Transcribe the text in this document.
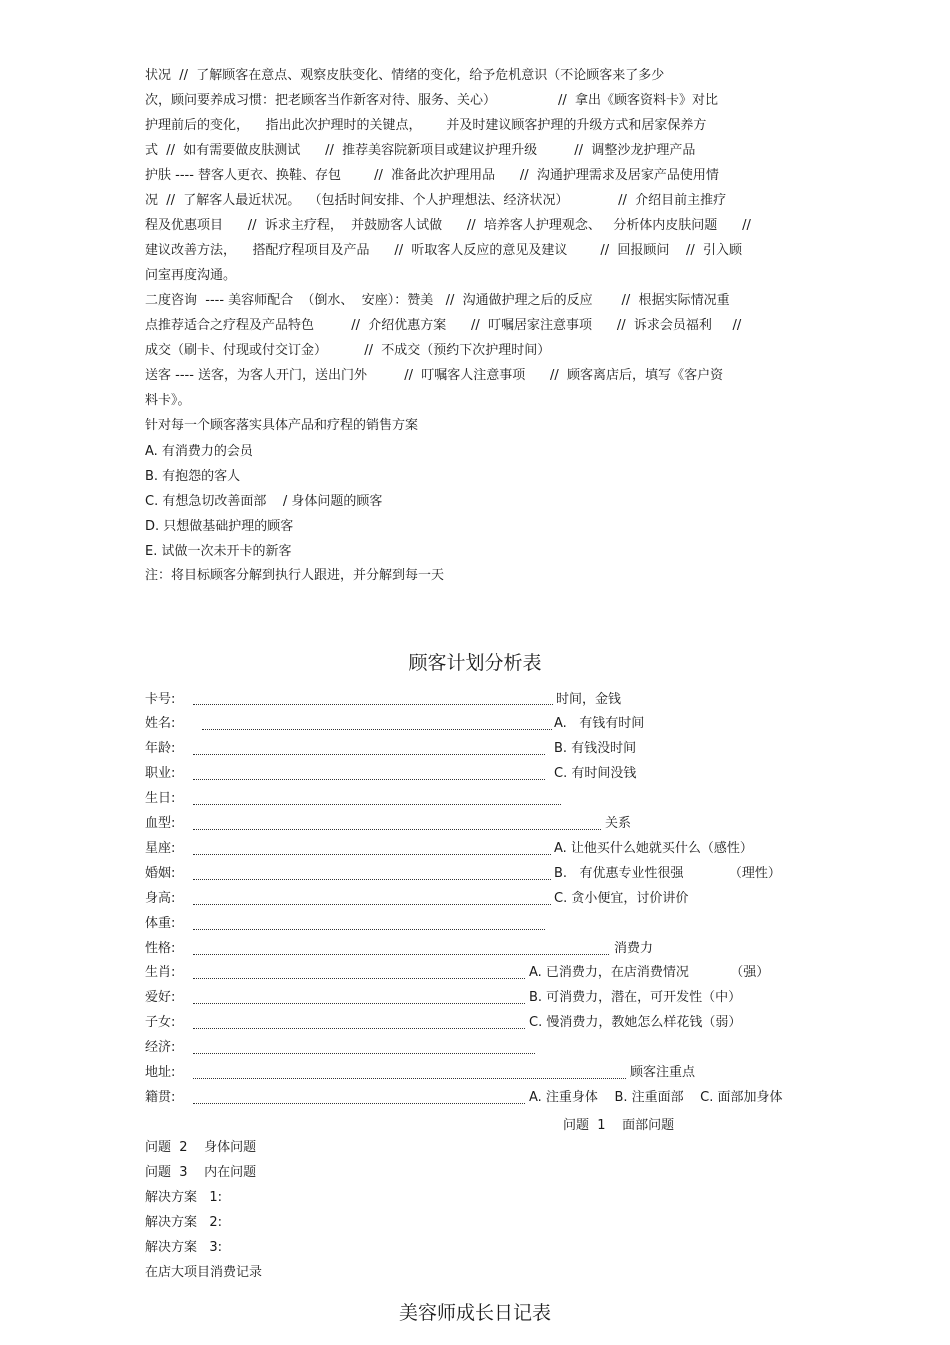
状况  //  了解顾客在意点、观察皮肤变化、情绪的变化，给予危机意识（不论顾客来了多少
次，顾问要养成习惯：把老顾客当作新客对待、服务、关心）               //  拿出《顾客资料卡》对比
护理前后的变化，    指出此次护理时的关键点，      并及时建议顾客护理的升级方式和居家保养方
式  //  如有需要做皮肤测试      //  推荐美容院新项目或建议护理升级         //  调整沙龙护理产品
护肤 ---- 替客人更衣、换鞋、存包        //  准备此次护理用品      //  沟通护理需求及居家产品使用情
况  //  了解客人最近状况。  （包括时间安排、个人护理想法、经济状况）            //  介绍目前主推疗
程及优惠项目      //  诉求主疗程，  并鼓励客人试做      //  培养客人护理观念、   分析体内皮肤问题      //
建议改善方法，    搭配疗程项目及产品      //  听取客人反应的意见及建议        //  回报顾问    //  引入顾
问室再度沟通。
二度咨询  ---- 美容师配合  （倒水、  安座）：赞美   //  沟通做护理之后的反应       //  根据实际情况重
点推荐适合之疗程及产品特色         //  介绍优惠方案      //  叮嘱居家注意事项      //  诉求会员福利     //
成交（刷卡、付现或付交订金）         //  不成交（预约下次护理时间）
送客 ---- 送客，为客人开门，送出门外         //  叮嘱客人注意事项      //  顾客离店后，填写《客户资
料卡》。
针对每一个顾客落实具体产品和疗程的销售方案
A. 有消费力的会员
B. 有抱怨的客人
C. 有想急切改善面部    / 身体问题的顾客
D. 只想做基础护理的顾客
E. 试做一次未开卡的新客
注：将目标顾客分解到执行人跟进，并分解到每一天
顾客计划分析表
卡号:	时间，金钱
姓名:	A.   有钱有时间
年龄:	B. 有钱没时间
职业:	C. 有时间没钱
生日:
血型:	关系
星座:	A. 让他买什么她就买什么（感性）
婚姻:	B.   有优惠专业性很强           （理性）
身高:	C. 贪小便宜，讨价讲价
体重:
性格:	消费力
生肖:	A. 已消费力，在店消费情况          （强）
爱好:	B. 可消费力，潜在，可开发性（中）
子女:	C. 慢消费力，教她怎么样花钱（弱）
经济:
地址:	顾客注重点
籍贯:	A. 注重身体    B. 注重面部    C. 面部加身体
问题  1    面部问题
问题  2    身体问题
问题  3    内在问题
解决方案   1:
解决方案   2:
解决方案   3:
在店大项目消费记录
美容师成长日记表
